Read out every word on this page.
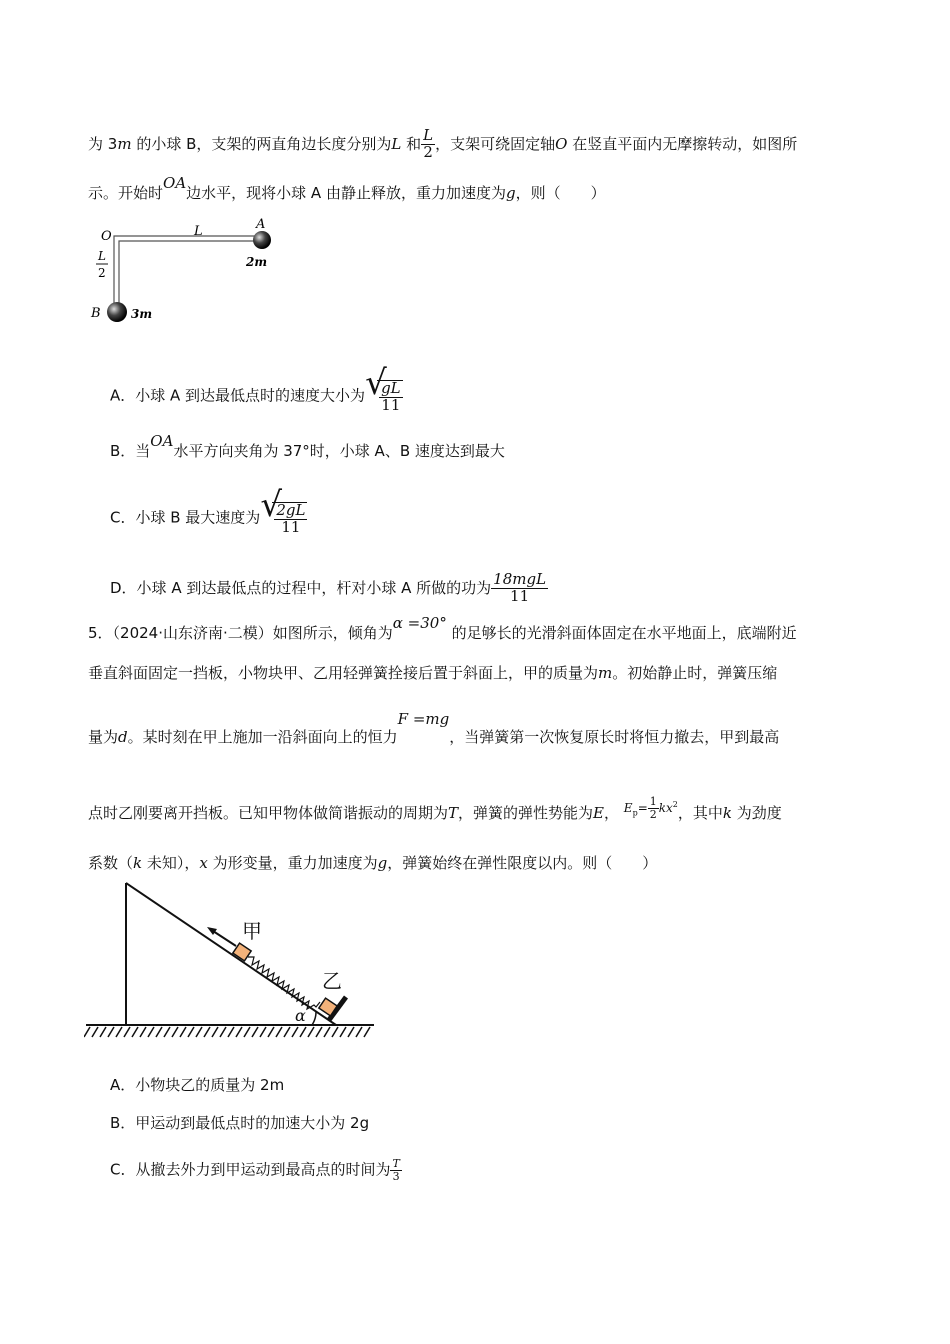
为 3m 的小球 B，支架的两直角边长度分别为L 和 $\frac{L}{2}$ ，支架可绕固定轴O 在竖直平面内无摩擦转动，如图所
示。开始时OA边水平，现将小球 A 由静止释放，重力加速度为g，则（　　）
O	L	A
2m
L
2
B	3m
A．小球 A 到达最低点时的速度大小为 √
$\frac{gL}{11}$
B．当OA水平方向夹角为 37°时，小球 A、B 速度达到最大
C．小球 B 最大速度为 √
$\frac{2gL}{11}$
D．小球 A 到达最低点的过程中，杆对小球 A 所做的功为 $\frac{\text{18mgL}}{11}$
5．（2024·山东济南·二模）如图所示，倾角为α =30° 的足够长的光滑斜面体固定在水平地面上，底端附近
垂直斜面固定一挡板，小物块甲、乙用轻弹簧拴接后置于斜面上，甲的质量为m。初始静止时，弹簧压缩
量为d。某时刻在甲上施加一沿斜面向上的恒力F =mg，当弹簧第一次恢复原长时将恒力撤去，甲到最高
点时乙刚要离开挡板。已知甲物体做简谐振动的周期为T，弹簧的弹性势能为E， $^{E_p= \frac{1}{2} kx^2}$，其中k 为劲度
系数（k 未知），x 为形变量，重力加速度为g，弹簧始终在弹性限度以内。则（　　）
甲
乙
α
A．小物块乙的质量为 2m
B．甲运动到最低点时的加速大小为 2g
C．从撤去外力到甲运动到最高点的时间为 $\frac{T}{3}$
